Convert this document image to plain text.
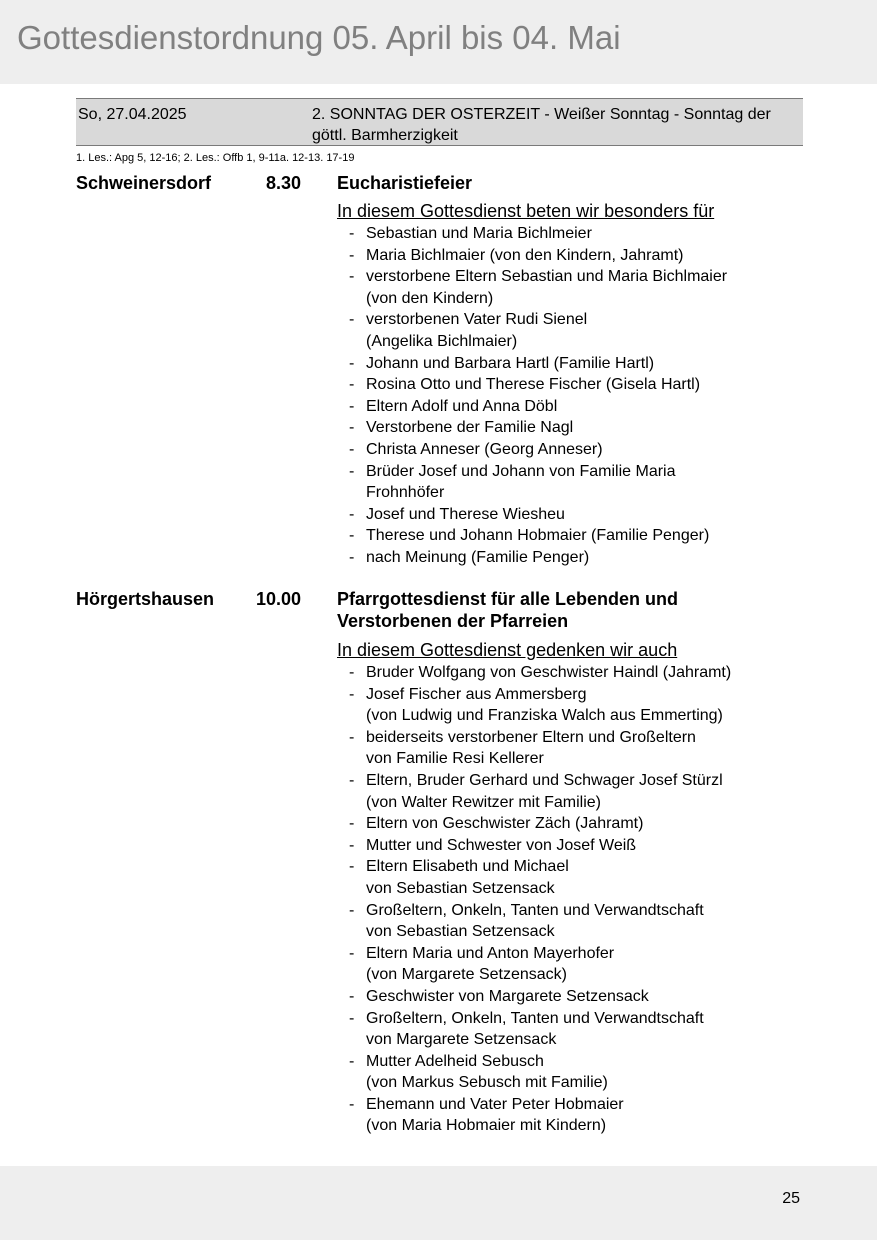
Gottesdienstordnung 05. April bis 04. Mai
So, 27.04.2025	2. SONNTAG DER OSTERZEIT - Weißer Sonntag - Sonntag der göttl. Barmherzigkeit
1. Les.: Apg 5, 12-16; 2. Les.: Offb 1, 9-11a. 12-13. 17-19
Schweinersdorf	8.30 Eucharistiefeier
In diesem Gottesdienst beten wir besonders für
- Sebastian und Maria Bichlmeier
- Maria Bichlmaier (von den Kindern, Jahramt)
- verstorbene Eltern Sebastian und Maria Bichlmaier
(von den Kindern)
- verstorbenen Vater Rudi Sienel
(Angelika Bichlmaier)
- Johann und Barbara Hartl (Familie Hartl)
- Rosina Otto und Therese Fischer (Gisela Hartl)
- Eltern Adolf und Anna Döbl
- Verstorbene der Familie Nagl
- Christa Anneser (Georg Anneser)
- Brüder Josef und Johann von Familie Maria
Frohnhöfer
- Josef und Therese Wiesheu
- Therese und Johann Hobmaier (Familie Penger)
- nach Meinung (Familie Penger)
Hörgertshausen	10.00 Pfarrgottesdienst für alle Lebenden und Verstorbenen der Pfarreien
In diesem Gottesdienst gedenken wir auch
- Bruder Wolfgang von Geschwister Haindl (Jahramt)
- Josef Fischer aus Ammersberg
(von Ludwig und Franziska Walch aus Emmerting)
- beiderseits verstorbener Eltern und Großeltern
von Familie Resi Kellerer
- Eltern, Bruder Gerhard und Schwager Josef Stürzl
(von Walter Rewitzer mit Familie)
- Eltern von Geschwister Zäch (Jahramt)
- Mutter und Schwester von Josef Weiß
- Eltern Elisabeth und Michael
von Sebastian Setzensack
- Großeltern, Onkeln, Tanten und Verwandtschaft
von Sebastian Setzensack
- Eltern Maria und Anton Mayerhofer
(von Margarete Setzensack)
- Geschwister von Margarete Setzensack
- Großeltern, Onkeln, Tanten und Verwandtschaft
von Margarete Setzensack
- Mutter Adelheid Sebusch
(von Markus Sebusch mit Familie)
- Ehemann und Vater Peter Hobmaier
(von Maria Hobmaier mit Kindern)
25
